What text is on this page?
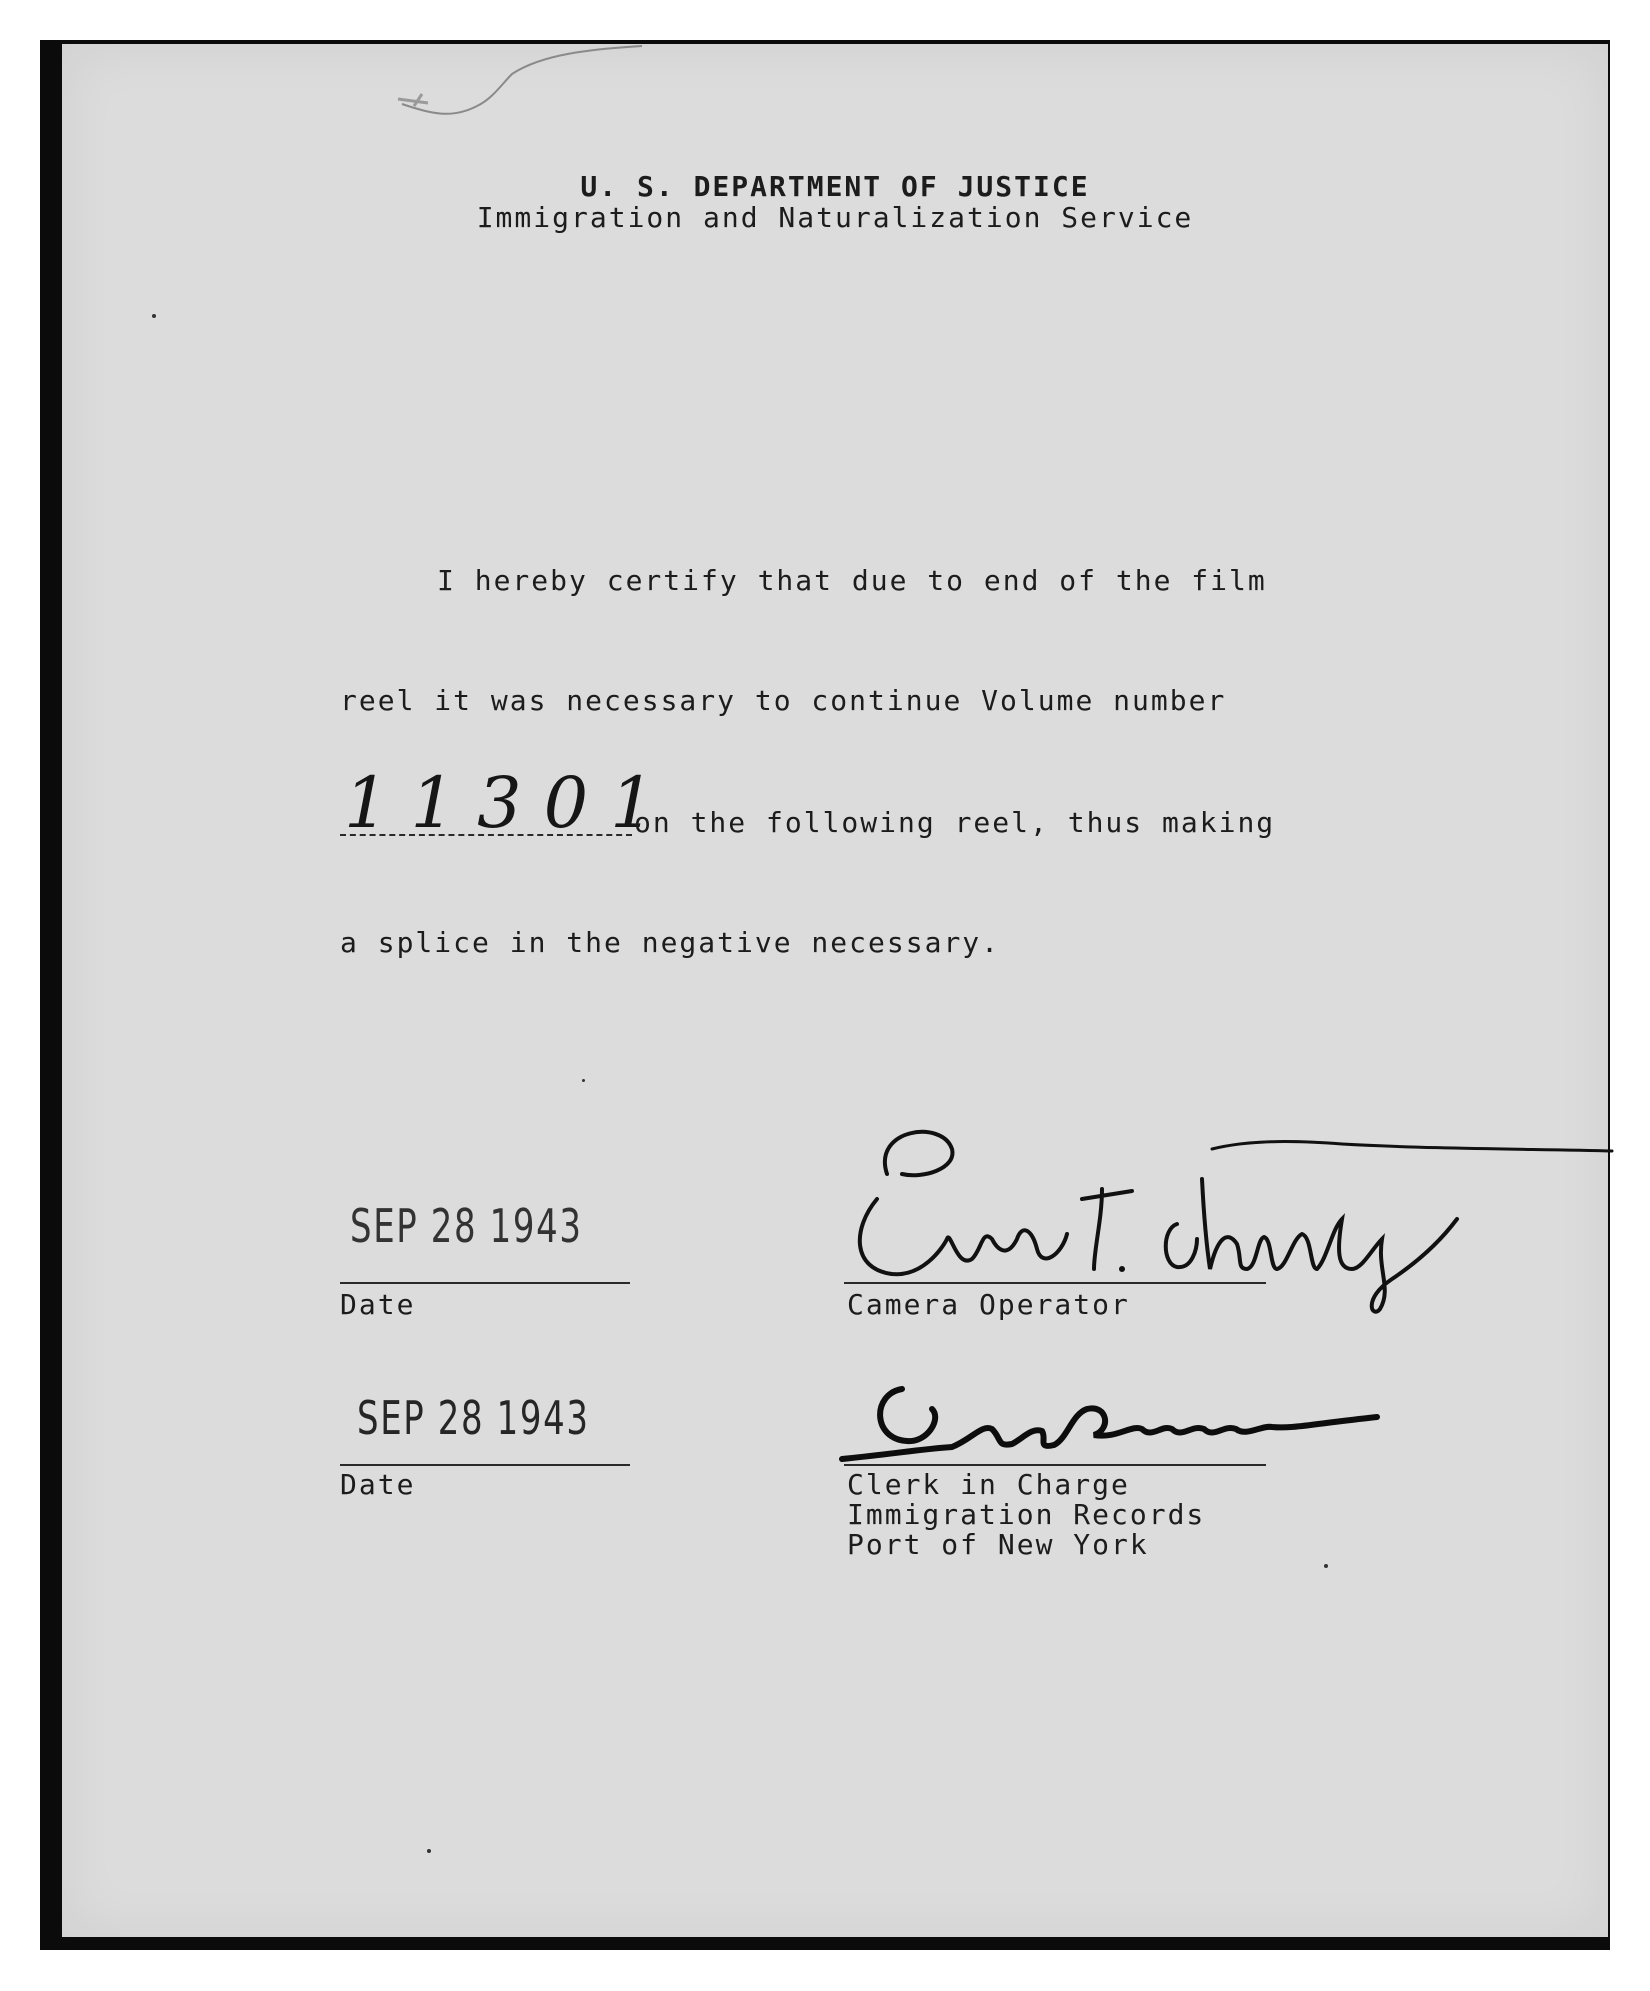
U. S. DEPARTMENT OF JUSTICE
Immigration and Naturalization Service
I hereby certify that due to end of the film
reel it was necessary to continue Volume number
11301
on the following reel, thus making
a splice in the negative necessary.
SEP 28 1943
Date	Camera Operator
SEP 28 1943
Date	Clerk in Charge
Immigration Records
Port of New York
